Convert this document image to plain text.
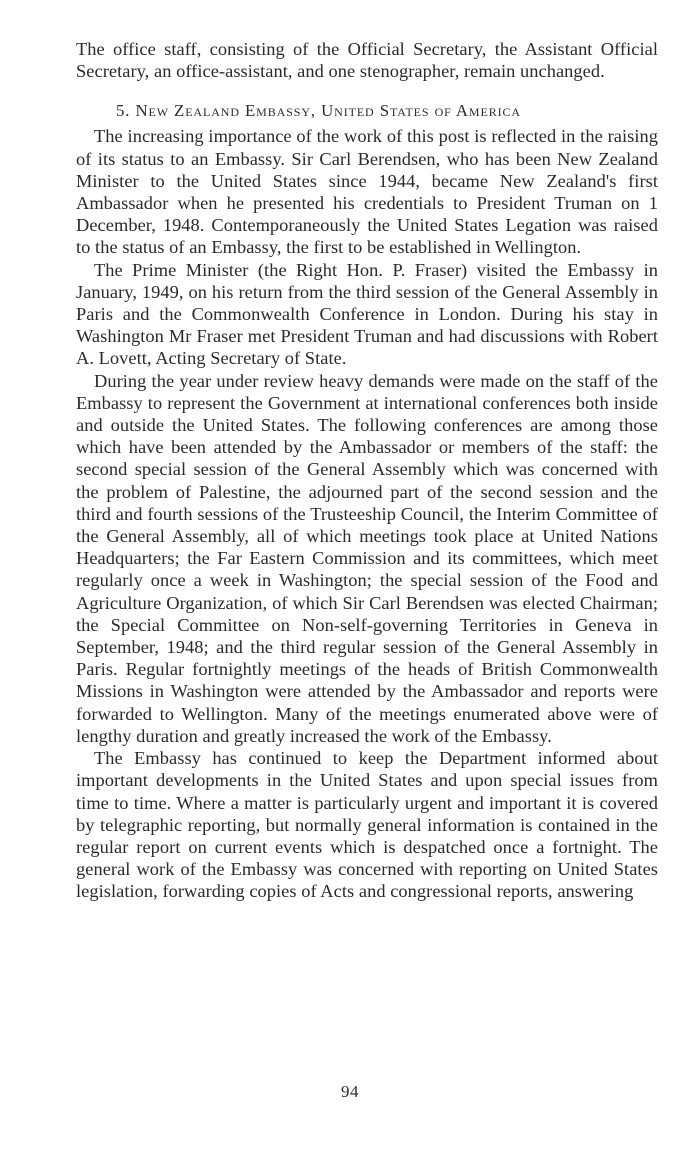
The office staff, consisting of the Official Secretary, the Assistant Official Secretary, an office-assistant, and one stenographer, remain unchanged.

5. New Zealand Embassy, United States of America

The increasing importance of the work of this post is reflected in the raising of its status to an Embassy. Sir Carl Berendsen, who has been New Zealand Minister to the United States since 1944, became New Zealand's first Ambassador when he presented his credentials to President Truman on 1 December, 1948. Contemporaneously the United States Legation was raised to the status of an Embassy, the first to be established in Wellington.

The Prime Minister (the Right Hon. P. Fraser) visited the Embassy in January, 1949, on his return from the third session of the General Assembly in Paris and the Commonwealth Conference in London. During his stay in Washington Mr Fraser met President Truman and had discussions with Robert A. Lovett, Acting Secretary of State.

During the year under review heavy demands were made on the staff of the Embassy to represent the Government at international conferences both inside and outside the United States. The following conferences are among those which have been attended by the Ambassador or members of the staff: the second special session of the General Assembly which was concerned with the problem of Palestine, the adjourned part of the second session and the third and fourth sessions of the Trusteeship Council, the Interim Committee of the General Assembly, all of which meetings took place at United Nations Headquarters; the Far Eastern Commission and its committees, which meet regularly once a week in Washington; the special session of the Food and Agriculture Organization, of which Sir Carl Berendsen was elected Chairman; the Special Committee on Non-self-governing Territories in Geneva in September, 1948; and the third regular session of the General Assembly in Paris. Regular fortnightly meetings of the heads of British Commonwealth Missions in Washington were attended by the Ambassador and reports were forwarded to Wellington. Many of the meetings enumerated above were of lengthy duration and greatly increased the work of the Embassy.

The Embassy has continued to keep the Department informed about important developments in the United States and upon special issues from time to time. Where a matter is particularly urgent and important it is covered by telegraphic reporting, but normally general information is contained in the regular report on current events which is despatched once a fortnight. The general work of the Embassy was concerned with reporting on United States legislation, forwarding copies of Acts and congressional reports, answering

94
